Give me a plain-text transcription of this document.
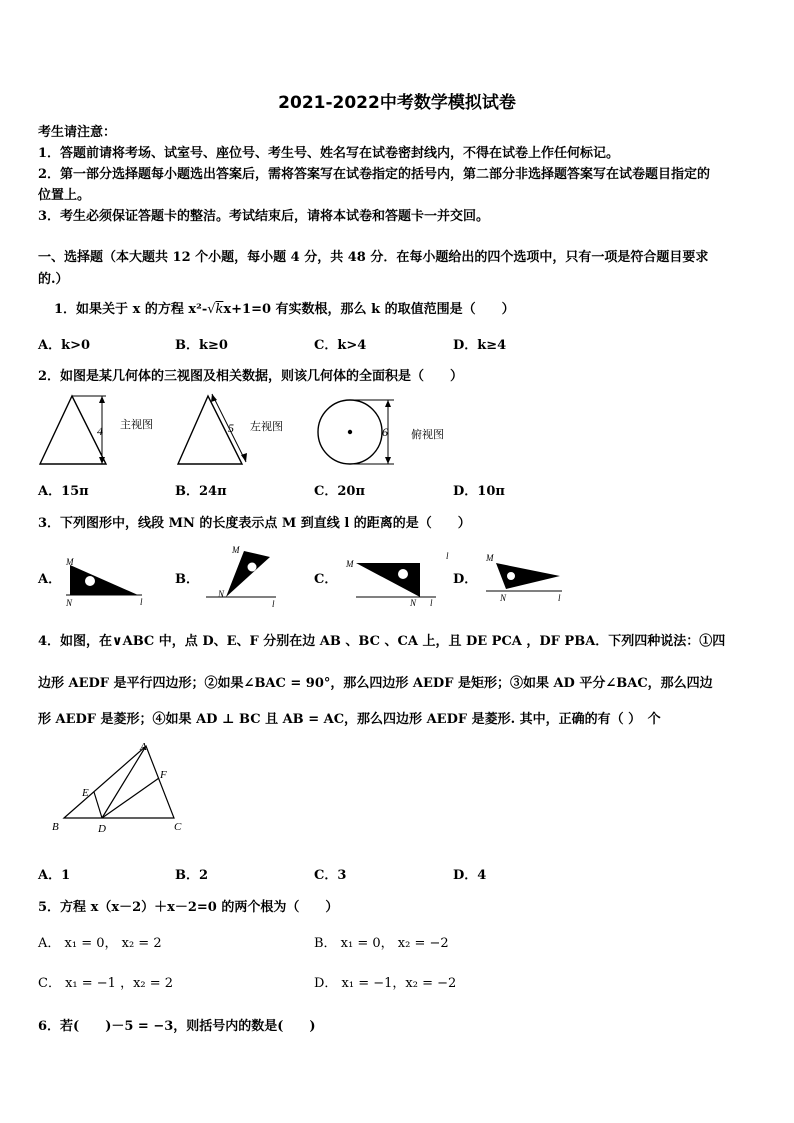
2021-2022中考数学模拟试卷
考生请注意：
1．答题前请将考场、试室号、座位号、考生号、姓名写在试卷密封线内，不得在试卷上作任何标记。
2．第一部分选择题每小题选出答案后，需将答案写在试卷指定的括号内，第二部分非选择题答案写在试卷题目指定的
位置上。
3．考生必须保证答题卡的整洁。考试结束后，请将本试卷和答题卡一并交回。
一、选择题（本大题共 12 个小题，每小题 4 分，共 48 分．在每小题给出的四个选项中，只有一项是符合题目要求
的.）
1．如果关于 x 的方程 x²-√kx+1=0 有实数根，那么 k 的取值范围是（　　）
A．k>0	B．k≥0	C．k>4	D．k≥4
2．如图是某几何体的三视图及相关数据，则该几何体的全面积是（　　）
4 主视图	5 左视图	6 俯视图
A．15π	B．24π	C．20π	D．10π
3．下列图形中，线段 MN 的长度表示点 M 到直线 l 的距离的是（　　）
A．	B．	C．	D．
M
N	l
M
N
l
M
N l
l	M
N	l
4．如图，在∨ABC 中，点 D、E、F 分别在边 AB 、BC 、CA 上，且 DE PCA ，DF PBA．下列四种说法：①四
边形 AEDF 是平行四边形；②如果∠BAC = 90°，那么四边形 AEDF 是矩形；③如果 AD 平分∠BAC，那么四边
形 AEDF 是菱形；④如果 AD ⊥ BC 且 AB = AC，那么四边形 AEDF 是菱形. 其中，正确的有（ ）　个
A
B	C
D
E
F
A．1	B．2	C．3	D．4
5．方程 x（x－2）＋x－2=0 的两个根为（　　）
A． x₁ = 0， x₂ = 2	B． x₁ = 0， x₂ = −2
C． x₁ = −1 ，x₂ = 2	D． x₁ = −1，x₂ = −2
6．若(　　)－5 = −3，则括号内的数是(　　)
